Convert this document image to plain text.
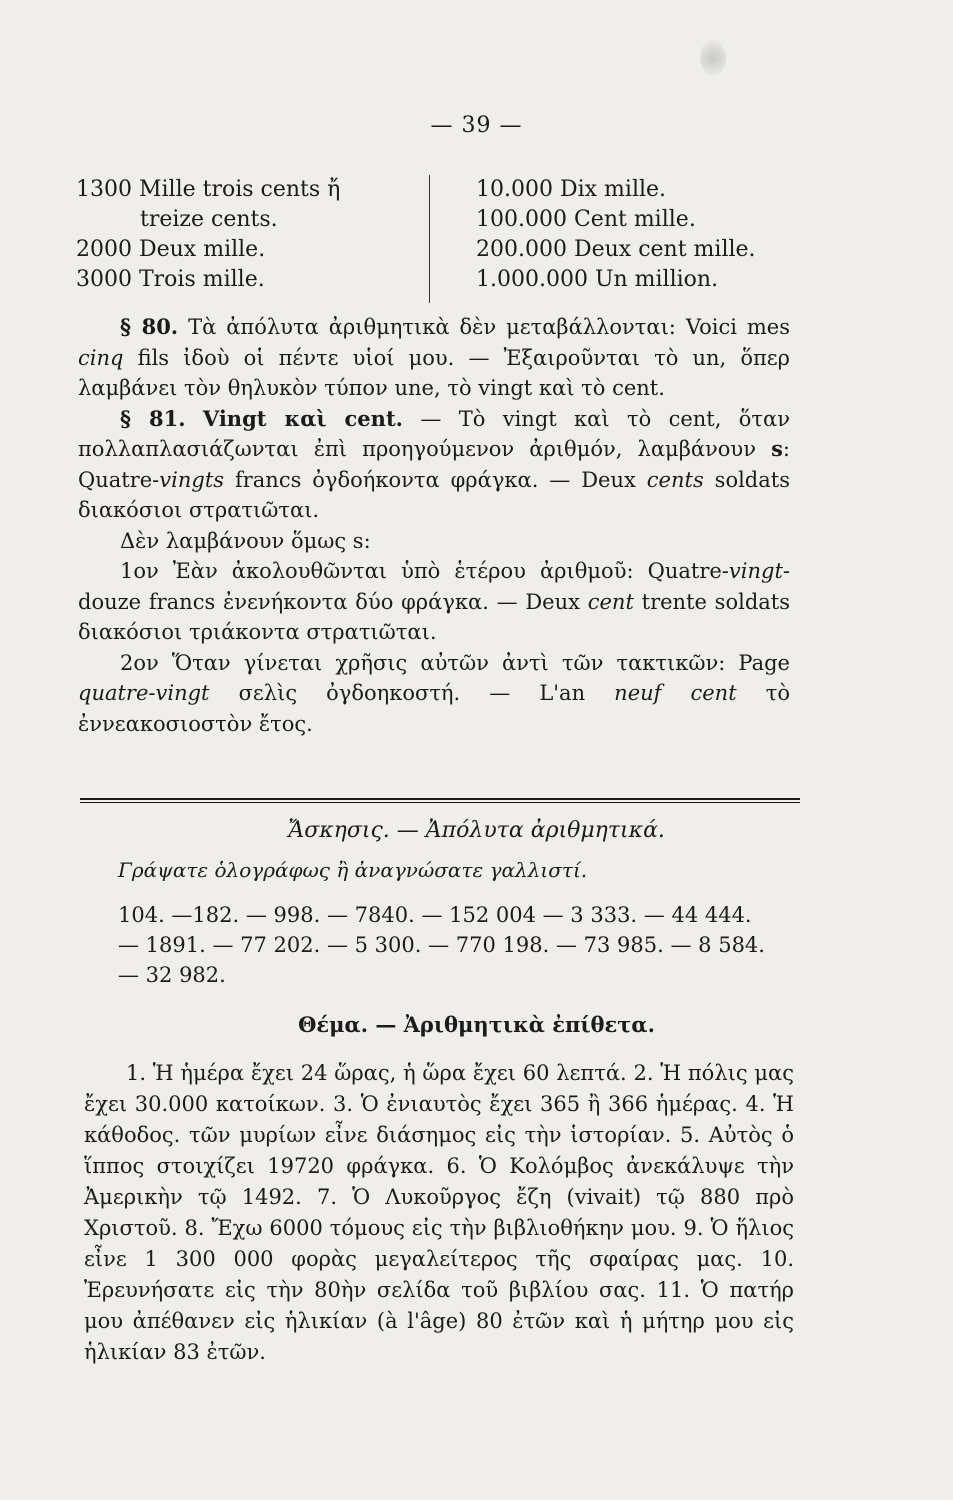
— 39 —
1300 Mille trois cents ἤ
treize cents.
2000 Deux mille.
3000 Trois mille.
10.000 Dix mille.
100.000 Cent mille.
200.000 Deux cent mille.
1.000.000 Un million.

§ 80. Τὰ ἀπόλυτα ἀριθμητικὰ δὲν μεταβάλλονται: Voici mes cinq fils ἰδοὺ οἱ πέντε υἱοί μου. — Ἐξαιροῦνται τὸ un, ὅπερ λαμβάνει τὸν θηλυκὸν τύπον une, τὸ vingt καὶ τὸ cent.

§ 81. Vingt καὶ cent. — Τὸ vingt καὶ τὸ cent, ὅταν πολλαπλασιάζωνται ἐπὶ προηγούμενον ἀριθμόν, λαμβάνουν s: Quatre-vingts francs ὀγδοήκοντα φράγκα. — Deux cents soldats διακόσιοι στρατιῶται.

Δὲν λαμβάνουν ὅμως s:

1ον Ἐὰν ἀκολουθῶνται ὑπὸ ἑτέρου ἀριθμοῦ: Quatre-vingt-douze francs ἐνενήκοντα δύο φράγκα. — Deux cent trente soldats διακόσιοι τριάκοντα στρατιῶται.

2ον Ὅταν γίνεται χρῆσις αὐτῶν ἀντὶ τῶν τακτικῶν: Page quatre-vingt σελὶς ὀγδοηκοστή. — L'an neuf cent τὸ ἐννεακοσιοστὸν ἔτος.

Ἄσκησις. — Ἀπόλυτα ἀριθμητικά.
Γράψατε ὁλογράφως ἢ ἀναγνώσατε γαλλιστί.
104. —182. — 998. — 7840. — 152 004 — 3 333. — 44 444.
— 1891. — 77 202. — 5 300. — 770 198. — 73 985. — 8 584.
— 32 982.
Θέμα. — Ἀριθμητικὰ ἐπίθετα.

1. Ἡ ἡμέρα ἔχει 24 ὥρας, ἡ ὥρα ἔχει 60 λεπτά. 2. Ἡ πόλις μας ἔχει 30.000 κατοίκων. 3. Ὁ ἐνιαυτὸς ἔχει 365 ἢ 366 ἡμέρας. 4. Ἡ κάθοδος. τῶν μυρίων εἶνε διάσημος εἰς τὴν ἱστορίαν. 5. Αὐτὸς ὁ ἵππος στοιχίζει 19720 φράγκα. 6. Ὁ Κολόμβος ἀνεκάλυψε τὴν Ἀμερικὴν τῷ 1492. 7. Ὁ Λυκοῦργος ἔζη (vivait) τῷ 880 πρὸ Χριστοῦ. 8. Ἔχω 6000 τόμους εἰς τὴν βιβλιοθήκην μου. 9. Ὁ ἥλιος εἶνε 1 300 000 φορὰς μεγαλείτερος τῆς σφαίρας μας. 10. Ἐρευνήσατε εἰς τὴν 80ὴν σελίδα τοῦ βιβλίου σας. 11. Ὁ πατήρ μου ἀπέθανεν εἰς ἡλικίαν (à l'âge) 80 ἐτῶν καὶ ἡ μήτηρ μου εἰς ἡλικίαν 83 ἐτῶν.
